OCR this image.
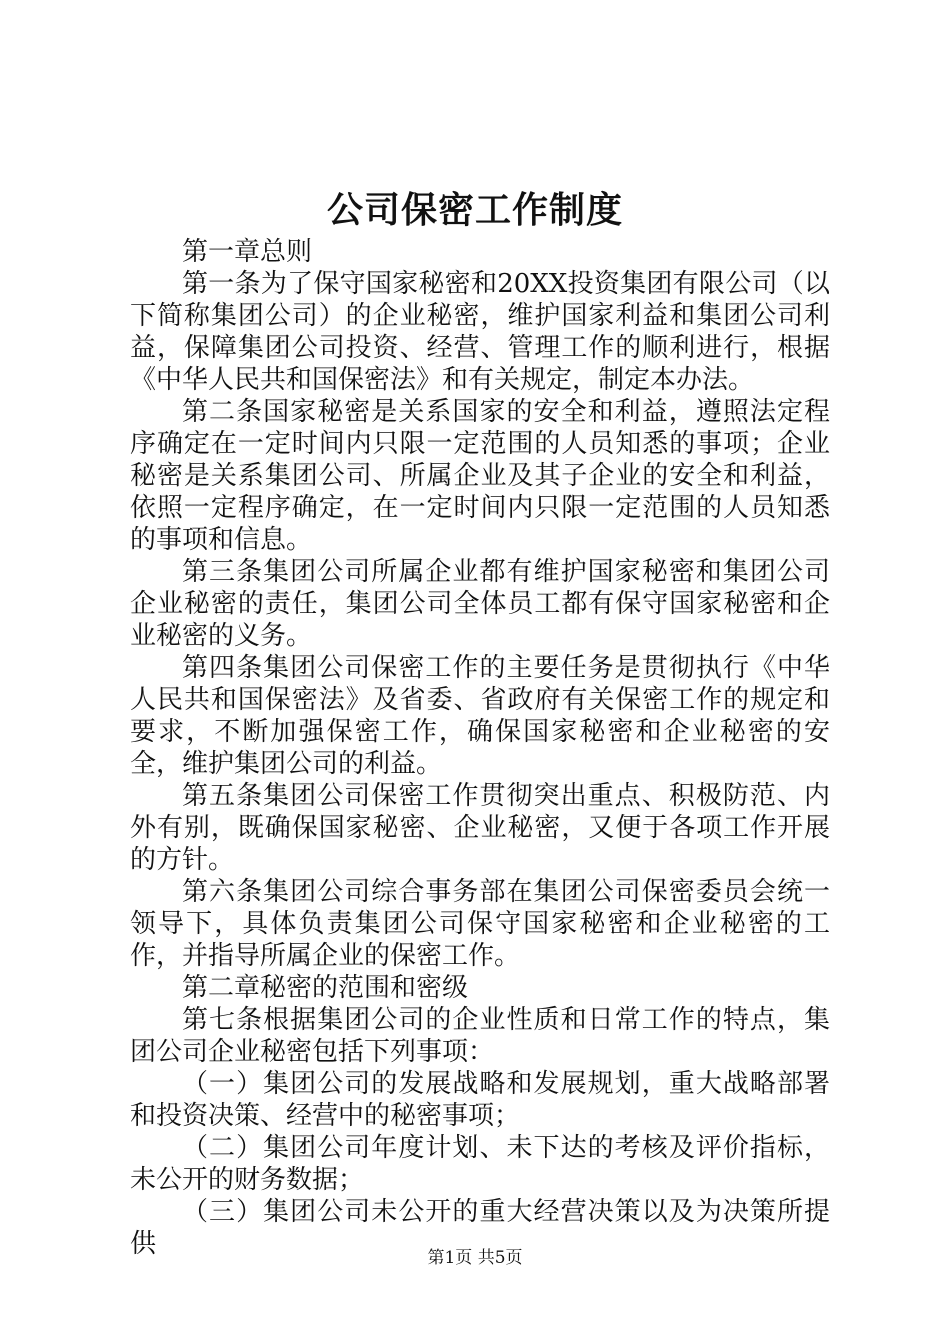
公司保密工作制度

第一章总则

第一条为了保守国家秘密和20XX投资集团有限公司（以下简称集团公司）的企业秘密，维护国家利益和集团公司利益，保障集团公司投资、经营、管理工作的顺利进行，根据《中华人民共和国保密法》和有关规定，制定本办法。

第二条国家秘密是关系国家的安全和利益，遵照法定程序确定在一定时间内只限一定范围的人员知悉的事项；企业秘密是关系集团公司、所属企业及其子企业的安全和利益，依照一定程序确定，在一定时间内只限一定范围的人员知悉的事项和信息。

第三条集团公司所属企业都有维护国家秘密和集团公司企业秘密的责任，集团公司全体员工都有保守国家秘密和企业秘密的义务。

第四条集团公司保密工作的主要任务是贯彻执行《中华人民共和国保密法》及省委、省政府有关保密工作的规定和要求，不断加强保密工作，确保国家秘密和企业秘密的安全，维护集团公司的利益。

第五条集团公司保密工作贯彻突出重点、积极防范、内外有别，既确保国家秘密、企业秘密，又便于各项工作开展的方针。

第六条集团公司综合事务部在集团公司保密委员会统一领导下，具体负责集团公司保守国家秘密和企业秘密的工作，并指导所属企业的保密工作。

第二章秘密的范围和密级

第七条根据集团公司的企业性质和日常工作的特点，集团公司企业秘密包括下列事项：

（一）集团公司的发展战略和发展规划，重大战略部署和投资决策、经营中的秘密事项；

（二）集团公司年度计划、未下达的考核及评价指标，未公开的财务数据；

（三）集团公司未公开的重大经营决策以及为决策所提供	第1页 共5页
